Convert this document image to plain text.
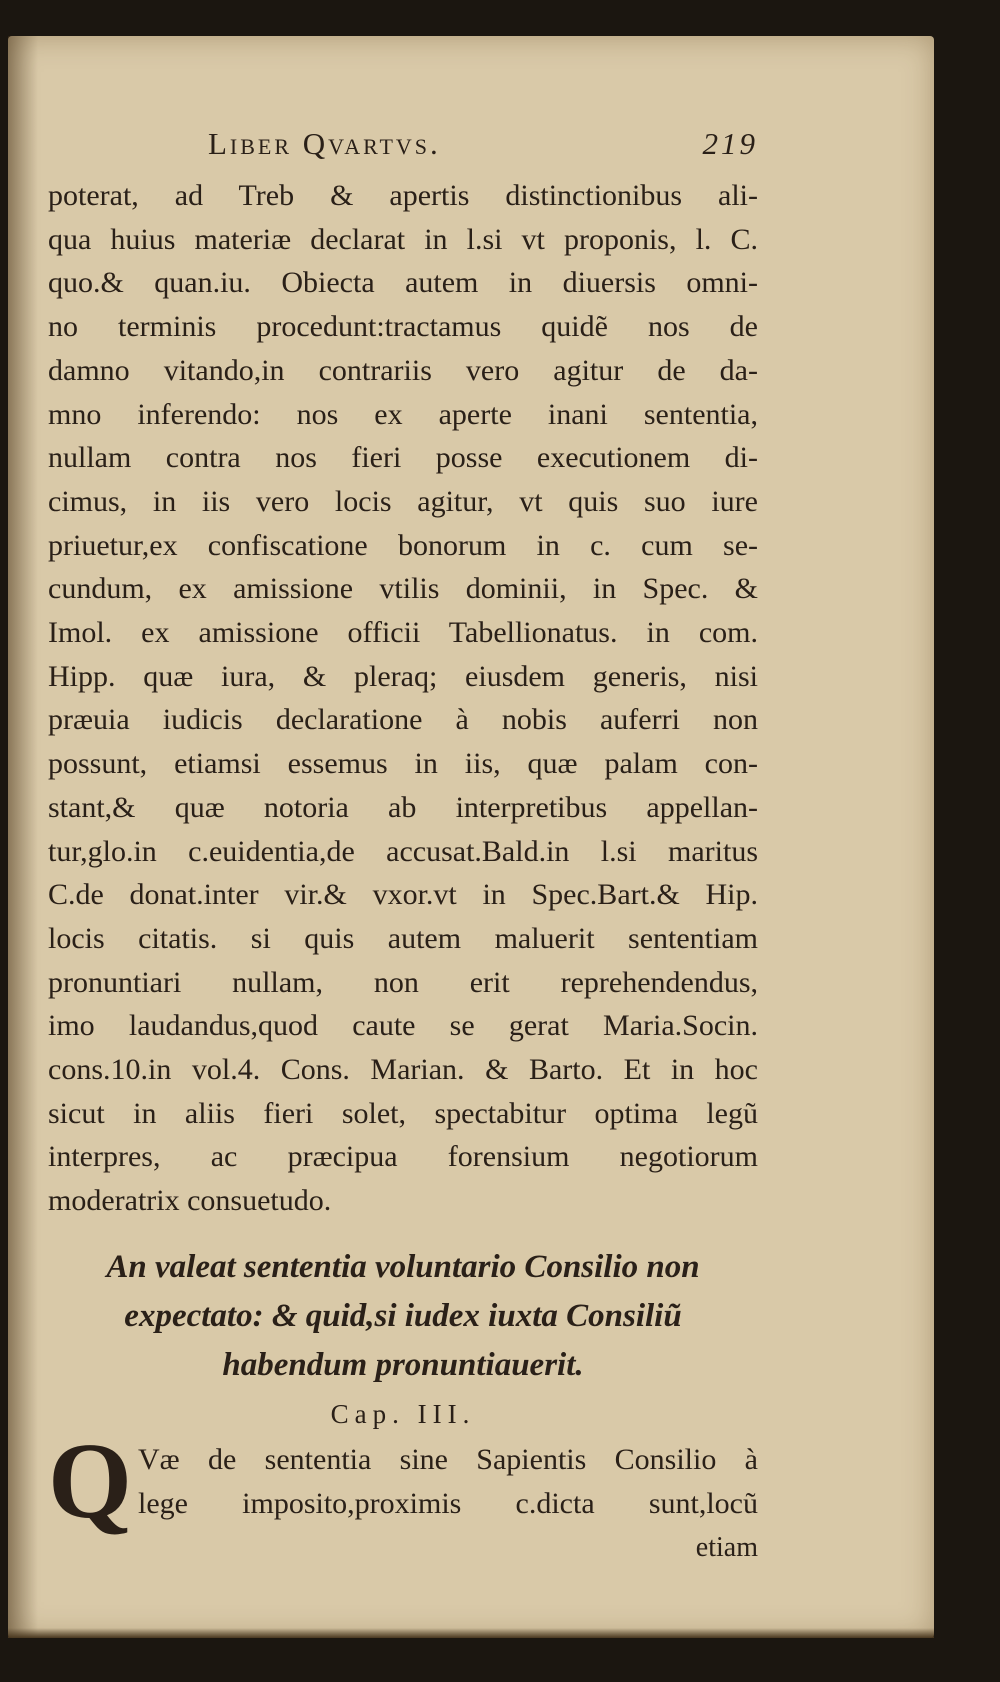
Liber Qvartvs.	219
poterat, ad Treb & apertis distinctionibus ali-
qua huius materiæ declarat in l.si vt proponis, l. C.
quo.& quan.iu. Obiecta autem in diuersis omni-
no terminis procedunt:tractamus quidẽ nos de
damno vitando,in contrariis vero agitur de da-
mno inferendo: nos ex aperte inani sententia,
nullam contra nos fieri posse executionem di-
cimus, in iis vero locis agitur, vt quis suo iure
priuetur,ex confiscatione bonorum in c. cum se-
cundum, ex amissione vtilis dominii, in Spec. &
Imol. ex amissione officii Tabellionatus. in com.
Hipp. quæ iura, & pleraq; eiusdem generis, nisi
præuia iudicis declaratione à nobis auferri non
possunt, etiamsi essemus in iis, quæ palam con-
stant,& quæ notoria ab interpretibus appellan-
tur,glo.in c.euidentia,de accusat.Bald.in l.si maritus
C.de donat.inter vir.& vxor.vt in Spec.Bart.& Hip.
locis citatis. si quis autem maluerit sententiam
pronuntiari nullam, non erit reprehendendus,
imo laudandus,quod caute se gerat Maria.Socin.
cons.10.in vol.4. Cons. Marian. & Barto. Et in hoc
sicut in aliis fieri solet, spectabitur optima legũ
interpres, ac præcipua forensium negotiorum
moderatrix consuetudo.
An valeat sententia voluntario Consilio non
expectato: & quid,si iudex iuxta Consiliũ
habendum pronuntiauerit.
Cap. III.
Q Væ de sententia sine Sapientis Consilio à
lege imposito,proximis c.dicta sunt,locũ
etiam
